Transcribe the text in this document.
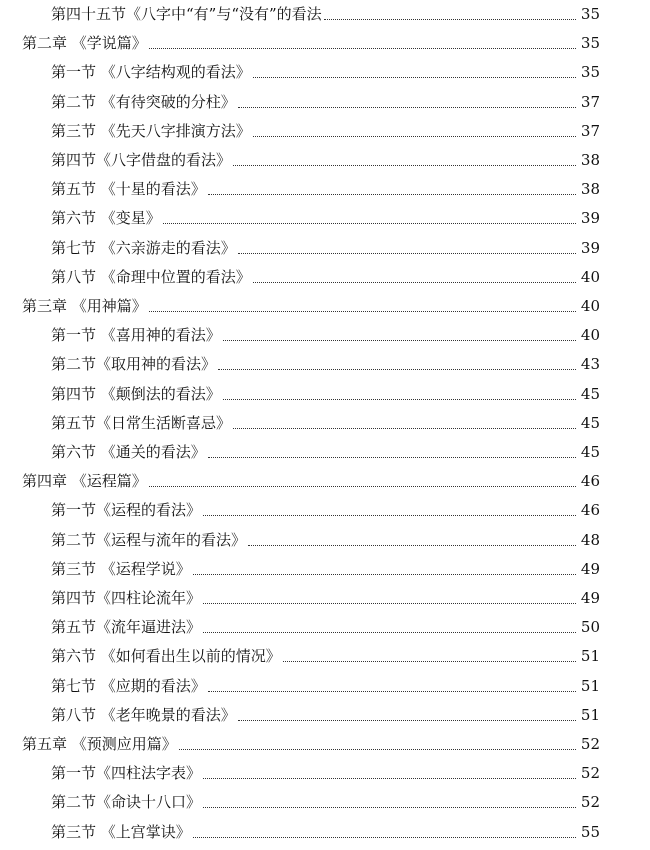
第四十五节《八字中“有”与“没有”的看法	35
第二章 《学说篇》	35
第一节 《八字结构观的看法》	35
第二节 《有待突破的分柱》	37
第三节 《先天八字排演方法》	37
第四节《八字借盘的看法》	38
第五节 《十星的看法》	38
第六节 《变星》	39
第七节 《六亲游走的看法》	39
第八节 《命理中位置的看法》	40
第三章 《用神篇》	40
第一节 《喜用神的看法》	40
第二节《取用神的看法》	43
第四节 《颠倒法的看法》	45
第五节《日常生活断喜忌》	45
第六节 《通关的看法》	45
第四章 《运程篇》	46
第一节《运程的看法》	46
第二节《运程与流年的看法》	48
第三节 《运程学说》	49
第四节《四柱论流年》	49
第五节《流年逼进法》	50
第六节 《如何看出生以前的情况》	51
第七节 《应期的看法》	51
第八节 《老年晚景的看法》	51
第五章 《预测应用篇》	52
第一节《四柱法字表》	52
第二节《命诀十八口》	52
第三节 《上宫掌诀》	55
